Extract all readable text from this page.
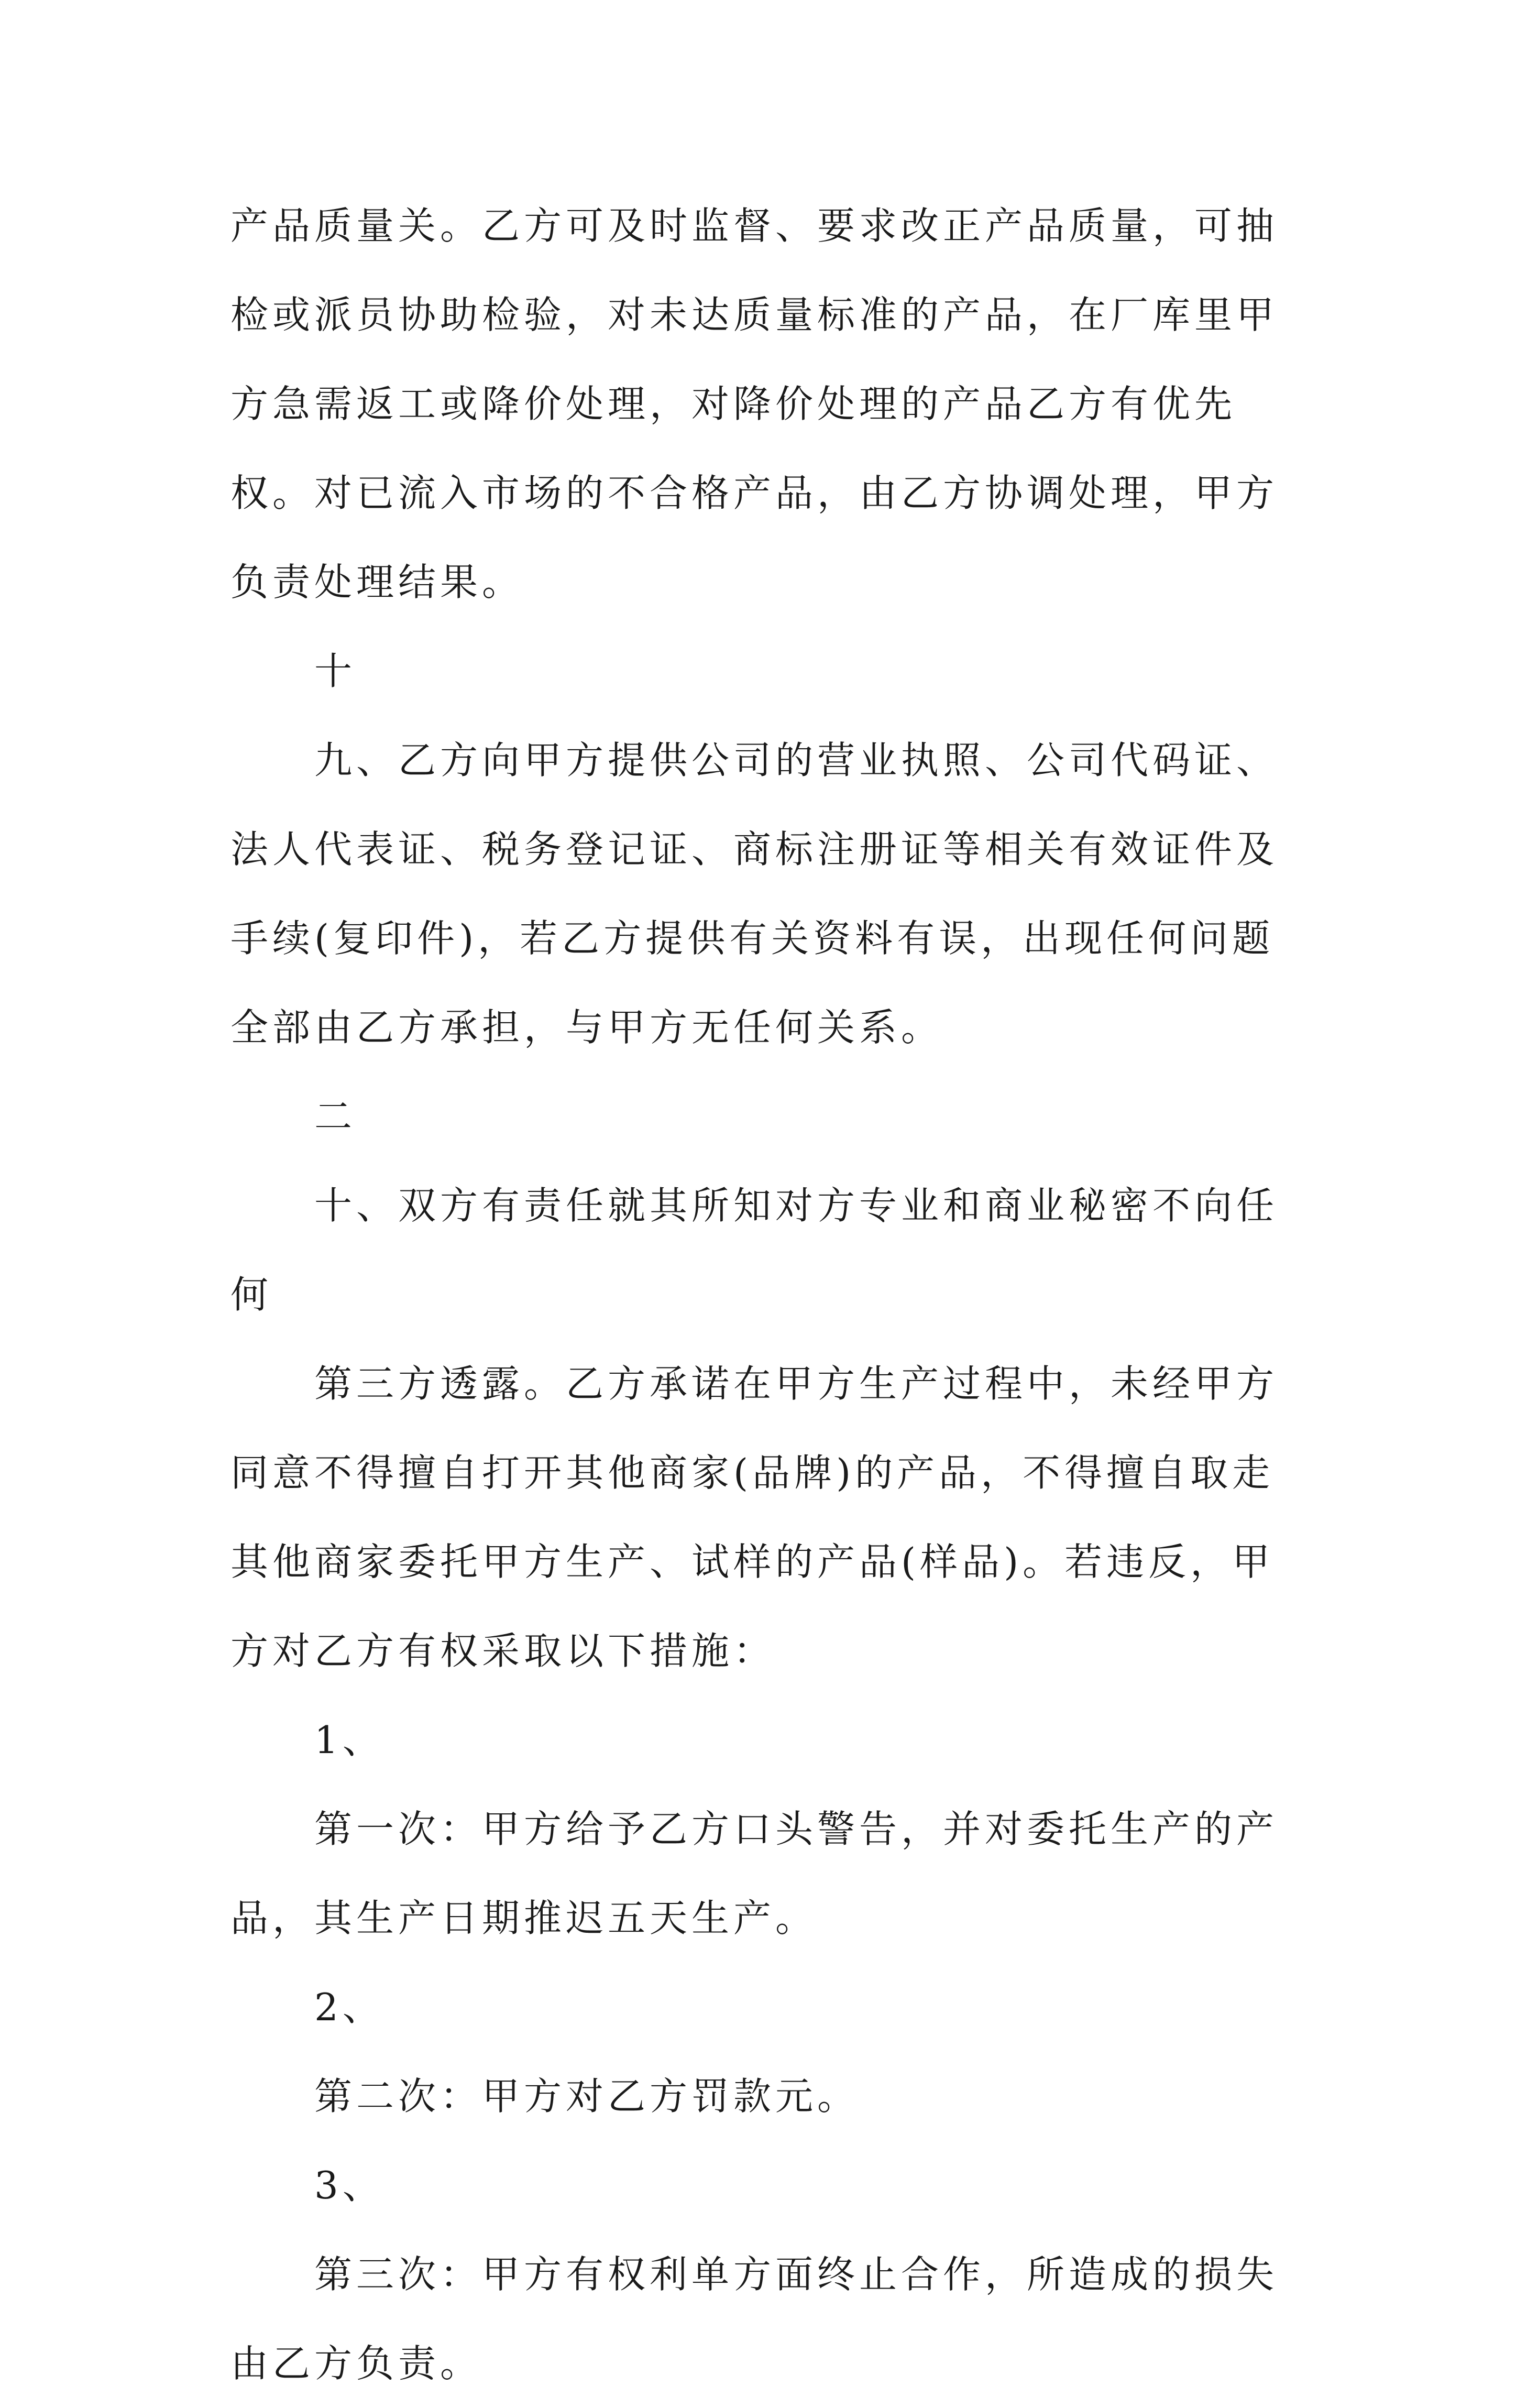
产品质量关。乙方可及时监督、要求改正产品质量，可抽检或派员协助检验，对未达质量标准的产品，在厂库里甲方急需返工或降价处理，对降价处理的产品乙方有优先权。对已流入市场的不合格产品，由乙方协调处理，甲方负责处理结果。

十

九、乙方向甲方提供公司的营业执照、公司代码证、法人代表证、税务登记证、商标注册证等相关有效证件及手续(复印件)，若乙方提供有关资料有误，出现任何问题全部由乙方承担，与甲方无任何关系。

二

十、双方有责任就其所知对方专业和商业秘密不向任何

第三方透露。乙方承诺在甲方生产过程中，未经甲方同意不得擅自打开其他商家(品牌)的产品，不得擅自取走其他商家委托甲方生产、试样的产品(样品)。若违反，甲方对乙方有权采取以下措施：

1、

第一次：甲方给予乙方口头警告，并对委托生产的产品，其生产日期推迟五天生产。

2、

第二次：甲方对乙方罚款元。

3、

第三次：甲方有权利单方面终止合作，所造成的损失由乙方负责。
